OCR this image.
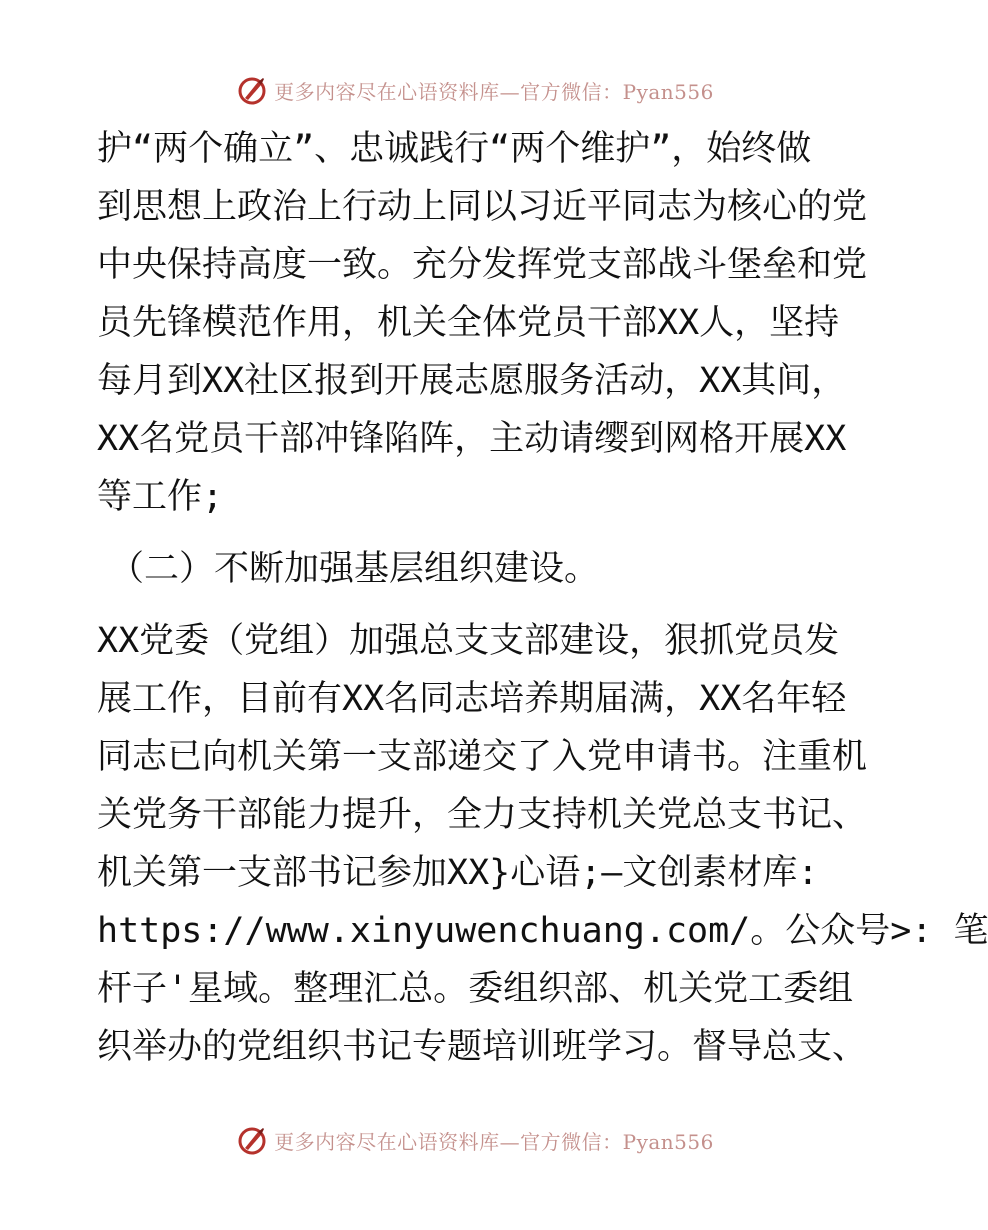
更多内容尽在心语资料库—官方微信：Pyan556
护“两个确立”、忠诚践行“两个维护”，始终做
到思想上政治上行动上同以习近平同志为核心的党
中央保持高度一致。充分发挥党支部战斗堡垒和党
员先锋模范作用，机关全体党员干部XX人，坚持
每月到XX社区报到开展志愿服务活动，XX其间，
XX名党员干部冲锋陷阵，主动请缨到网格开展XX
等工作;
（二）不断加强基层组织建设。
XX党委（党组）加强总支支部建设，狠抓党员发
展工作，目前有XX名同志培养期届满，XX名年轻
同志已向机关第一支部递交了入党申请书。注重机
关党务干部能力提升，全力支持机关党总支书记、
机关第一支部书记参加XX}心语;—文创素材库:
https://www.xinyuwenchuang.com/。公众号>: 笔
杆子'星域。整理汇总。委组织部、机关党工委组
织举办的党组织书记专题培训班学习。督导总支、
更多内容尽在心语资料库—官方微信：Pyan556
